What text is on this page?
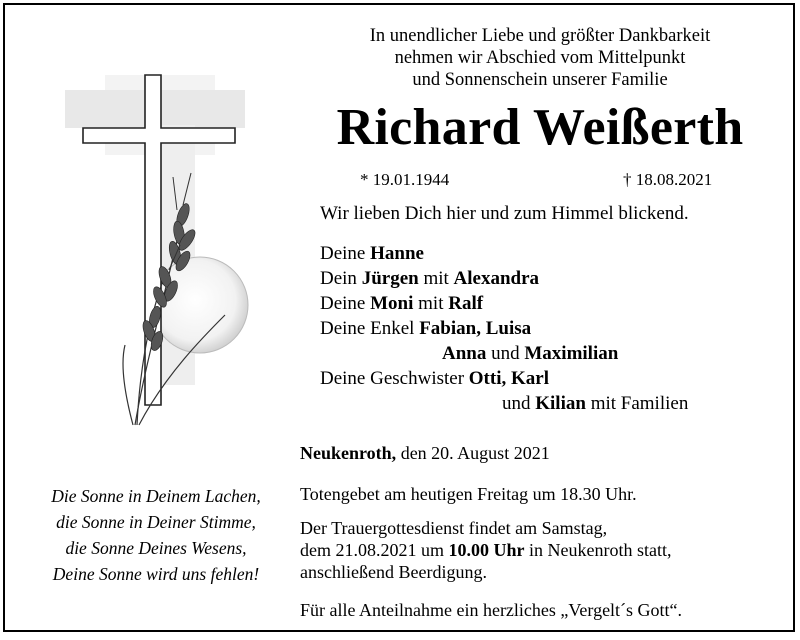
In unendlicher Liebe und größter Dankbarkeit
nehmen wir Abschied vom Mittelpunkt
und Sonnenschein unserer Familie
Richard Weißerth
* 19.01.1944	† 18.08.2021
Wir lieben Dich hier und zum Himmel blickend.
Deine Hanne
Dein Jürgen mit Alexandra
Deine Moni mit Ralf
Deine Enkel Fabian, Luisa
Anna und Maximilian
Deine Geschwister Otti, Karl
und Kilian mit Familien
Neukenroth, den 20. August 2021
Totengebet am heutigen Freitag um 18.30 Uhr.
Der Trauergottesdienst findet am Samstag,
dem 21.08.2021 um 10.00 Uhr in Neukenroth statt,
anschließend Beerdigung.
Für alle Anteilnahme ein herzliches „Vergelt´s Gott“.
Die Sonne in Deinem Lachen,
die Sonne in Deiner Stimme,
die Sonne Deines Wesens,
Deine Sonne wird uns fehlen!
